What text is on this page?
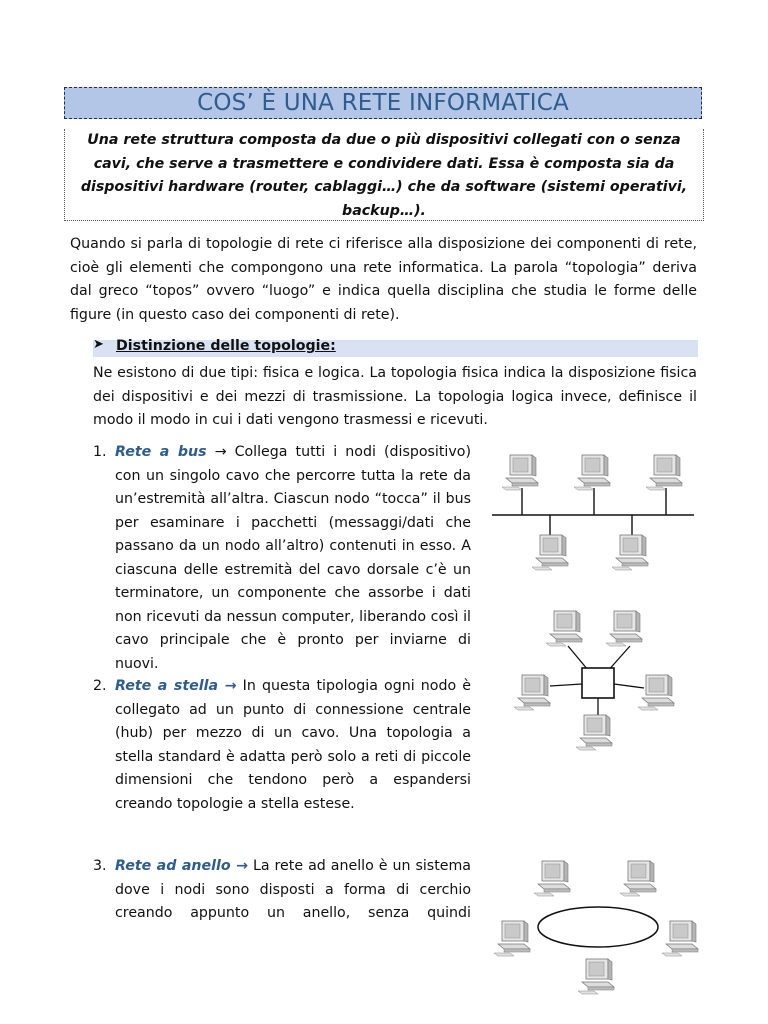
COS’ È UNA RETE INFORMATICA
Una rete struttura composta da due o più dispositivi collegati con o senza cavi, che serve a trasmettere e condividere dati. Essa è composta sia da dispositivi hardware (router, cablaggi…) che da software (sistemi operativi, backup…).
Quando si parla di topologie di rete ci riferisce alla disposizione dei componenti di rete, cioè gli elementi che compongono una rete informatica. La parola “topologia” deriva dal greco “topos” ovvero “luogo” e indica quella disciplina che studia le forme delle figure (in questo caso dei componenti di rete).
➤ Distinzione delle topologie:
Ne esistono di due tipi: fisica e logica. La topologia fisica indica la disposizione fisica dei dispositivi e dei mezzi di trasmissione. La topologia logica invece, definisce il modo il modo in cui i dati vengono trasmessi e ricevuti.
1. Rete a bus → Collega tutti i nodi (dispositivo) con un singolo cavo che percorre tutta la rete da un’estremità all’altra. Ciascun nodo “tocca” il bus per esaminare i pacchetti (messaggi/dati che passano da un nodo all’altro) contenuti in esso. A ciascuna delle estremità del cavo dorsale c’è un terminatore, un componente che assorbe i dati non ricevuti da nessun computer, liberando così il cavo principale che è pronto per inviarne di nuovi.
2. Rete a stella → In questa tipologia ogni nodo è collegato ad un punto di connessione centrale (hub) per mezzo di un cavo. Una topologia a stella standard è adatta però solo a reti di piccole dimensioni che tendono però a espandersi creando topologie a stella estese.
3. Rete ad anello → La rete ad anello è un sistema dove i nodi sono disposti a forma di cerchio creando appunto un anello, senza quindi
